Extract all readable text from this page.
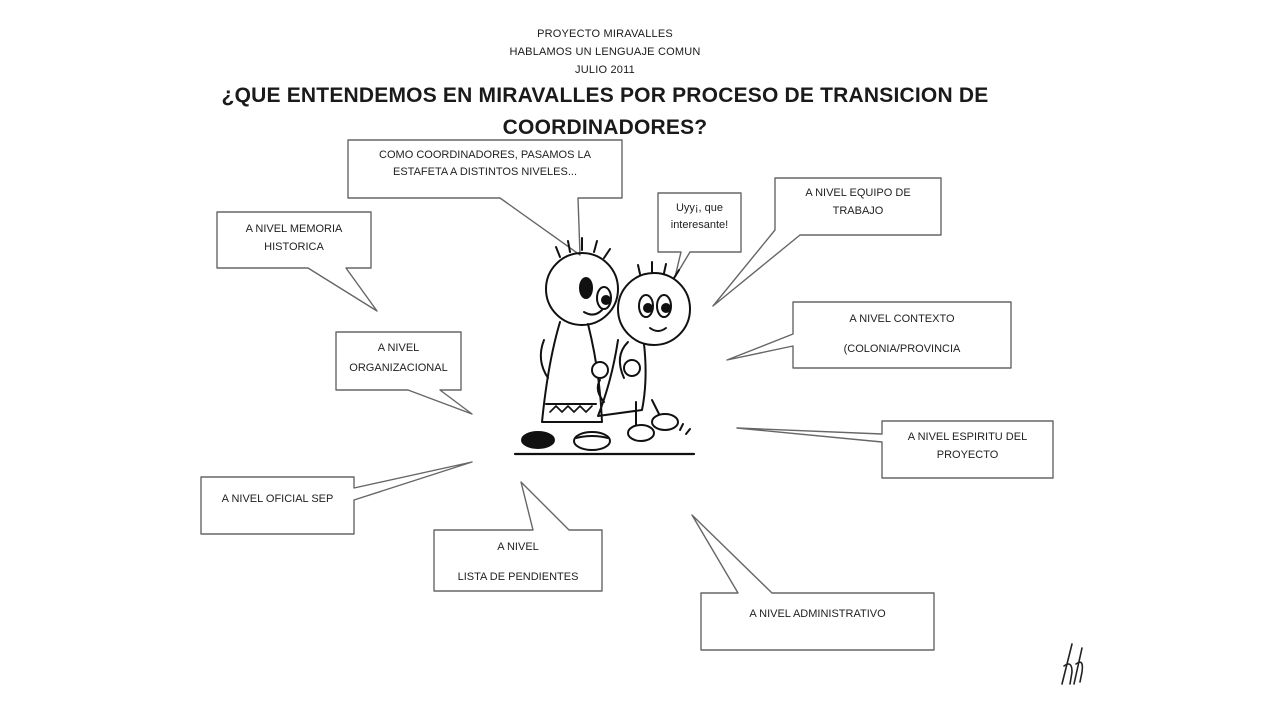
PROYECTO MIRAVALLES
HABLAMOS UN LENGUAJE COMUN
JULIO 2011
¿QUE ENTENDEMOS EN MIRAVALLES POR PROCESO DE TRANSICION DE
COORDINADORES?
COMO COORDINADORES, PASAMOS LA
ESTAFETA A DISTINTOS NIVELES...
Uyy¡, que
interesante!
A NIVEL EQUIPO DE
TRABAJO
A NIVEL MEMORIA
HISTORICA
A NIVEL
ORGANIZACIONAL
A NIVEL CONTEXTO
(COLONIA/PROVINCIA
A NIVEL ESPIRITU DEL
PROYECTO
A NIVEL OFICIAL SEP
A NIVEL
LISTA DE PENDIENTES
A NIVEL ADMINISTRATIVO
